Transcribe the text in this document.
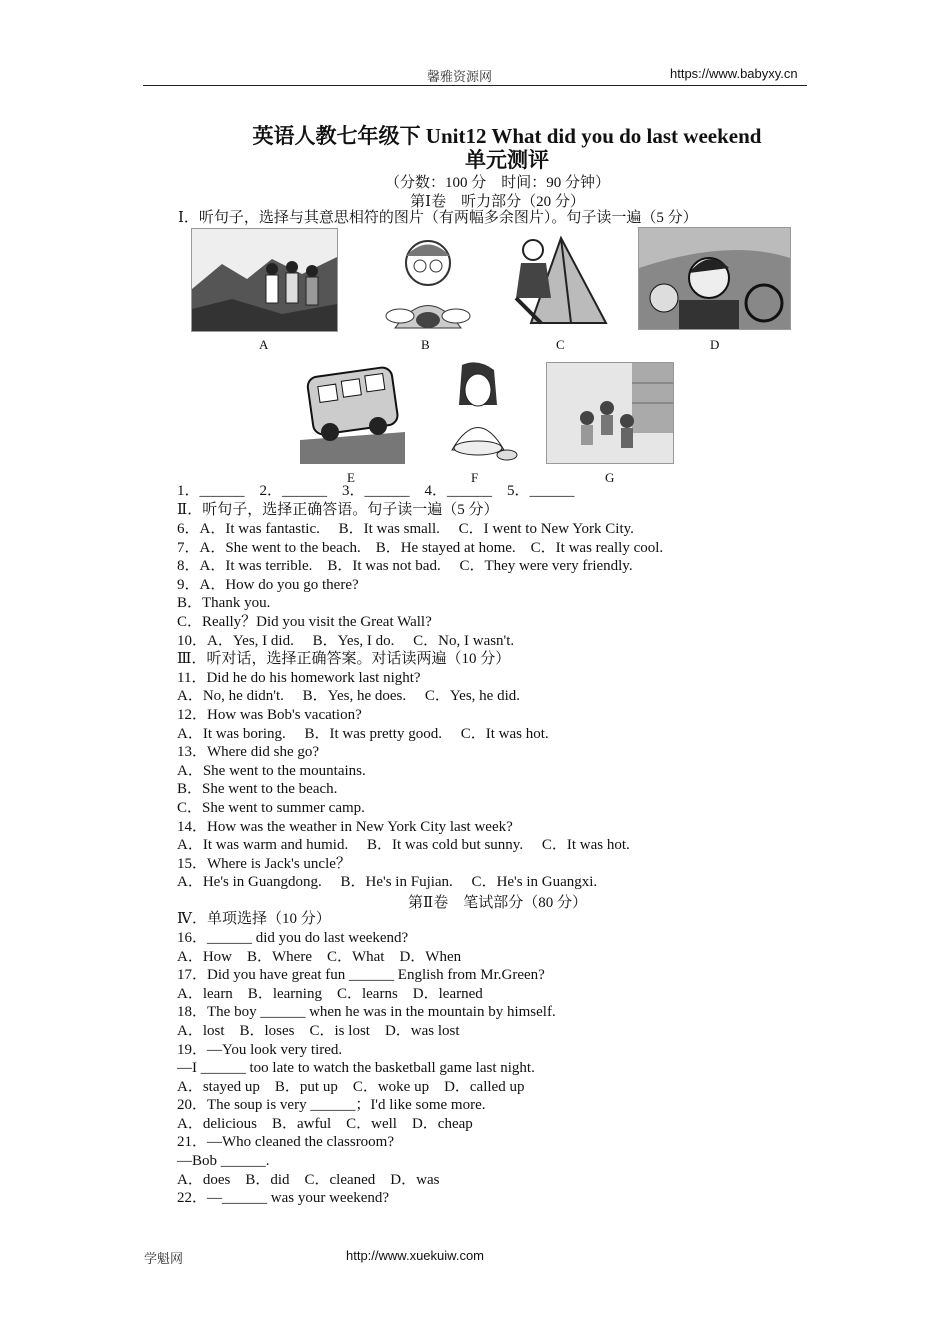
馨雅资源网	https://www.babyxy.cn
英语人教七年级下 Unit12 What did you do last weekend
单元测评
（分数：100 分　时间：90 分钟）
第Ⅰ卷　听力部分（20 分）
Ⅰ．听句子，选择与其意思相符的图片（有两幅多余图片）。句子读一遍（5 分）
A	B	C	D
E	F	G
1．______　2．______　3．______　4．______　5．______
Ⅱ．听句子，选择正确答语。句子读一遍（5 分）
6．A．It was fantastic.　 B．It was small.　 C．I went to New York City.
7．A．She went to the beach.　B．He stayed at home.　C．It was really cool.
8．A．It was terrible.　B．It was not bad.　 C．They were very friendly.
9．A．How do you go there?
B．Thank you.
C．Really？Did you visit the Great Wall?
10．A．Yes, I did.　 B．Yes, I do.　 C．No, I wasn't.
Ⅲ．听对话，选择正确答案。对话读两遍（10 分）
11．Did he do his homework last night?
A．No, he didn't.　 B．Yes, he does.　 C．Yes, he did.
12．How was Bob's vacation?
A．It was boring.　 B．It was pretty good.　 C．It was hot.
13．Where did she go?
A．She went to the mountains.
B．She went to the beach.
C．She went to summer camp.
14．How was the weather in New York City last week?
A．It was warm and humid.　 B．It was cold but sunny.　 C．It was hot.
15．Where is Jack's uncle？
A．He's in Guangdong.　 B．He's in Fujian.　 C．He's in Guangxi.
第Ⅱ卷　笔试部分（80 分）
Ⅳ．单项选择（10 分）
16．______ did you do last weekend?
A．How　B．Where　C．What　D．When
17．Did you have great fun ______ English from Mr.Green?
A．learn　B．learning　C．learns　D．learned
18．The boy ______ when he was in the mountain by himself.
A．lost　B．loses　C．is lost　D．was lost
19．—You look very tired.
—I ______ too late to watch the basketball game last night.
A．stayed up　B．put up　C．woke up　D．called up
20．The soup is very ______；I'd like some more.
A．delicious　B．awful　C．well　D．cheap
21．—Who cleaned the classroom?
—Bob ______.
A．does　B．did　C．cleaned　D．was
22．—______ was your weekend?
学魁网	http://www.xuekuiw.com
